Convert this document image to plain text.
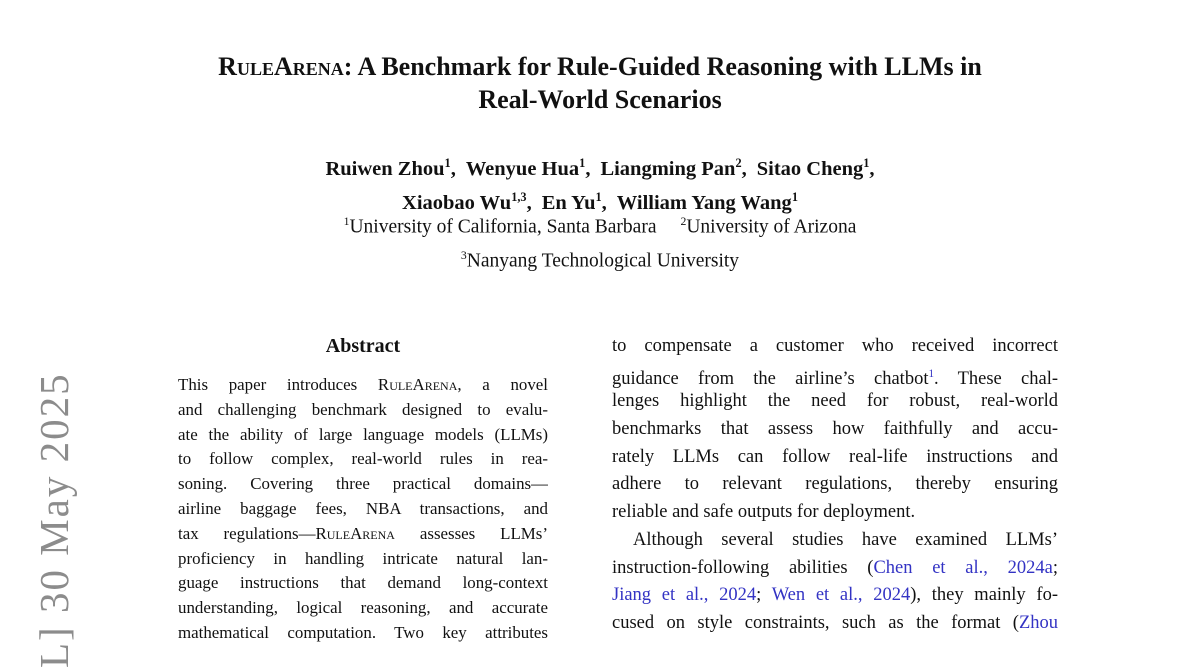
L] 30 May 2025
RuleArena: A Benchmark for Rule-Guided Reasoning with LLMs in
Real-World Scenarios
Ruiwen Zhou$^1$, Wenyue Hua$^1$, Liangming Pan$^2$, Sitao Cheng$^1$,
Xiaobao Wu$^{1,3}$, En Yu$^1$, William Yang Wang$^1$
$^1$University of California, Santa Barbara $^2$University of Arizona
$^3$Nanyang Technological University
Abstract
This paper introduces RuleArena, a novel
and challenging benchmark designed to evalu-
ate the ability of large language models (LLMs)
to follow complex, real-world rules in rea-
soning. Covering three practical domains—
airline baggage fees, NBA transactions, and
tax regulations—RuleArena assesses LLMs’
proficiency in handling intricate natural lan-
guage instructions that demand long-context
understanding, logical reasoning, and accurate
mathematical computation. Two key attributes
to compensate a customer who received incorrect
guidance from the airline’s chatbot$^1$. These chal-
lenges highlight the need for robust, real-world
benchmarks that assess how faithfully and accu-
rately LLMs can follow real-life instructions and
adhere to relevant regulations, thereby ensuring
reliable and safe outputs for deployment.
Although several studies have examined LLMs’
instruction-following abilities (Chen et al., 2024a;
Jiang et al., 2024; Wen et al., 2024), they mainly fo-
cused on style constraints, such as the format (Zhou
